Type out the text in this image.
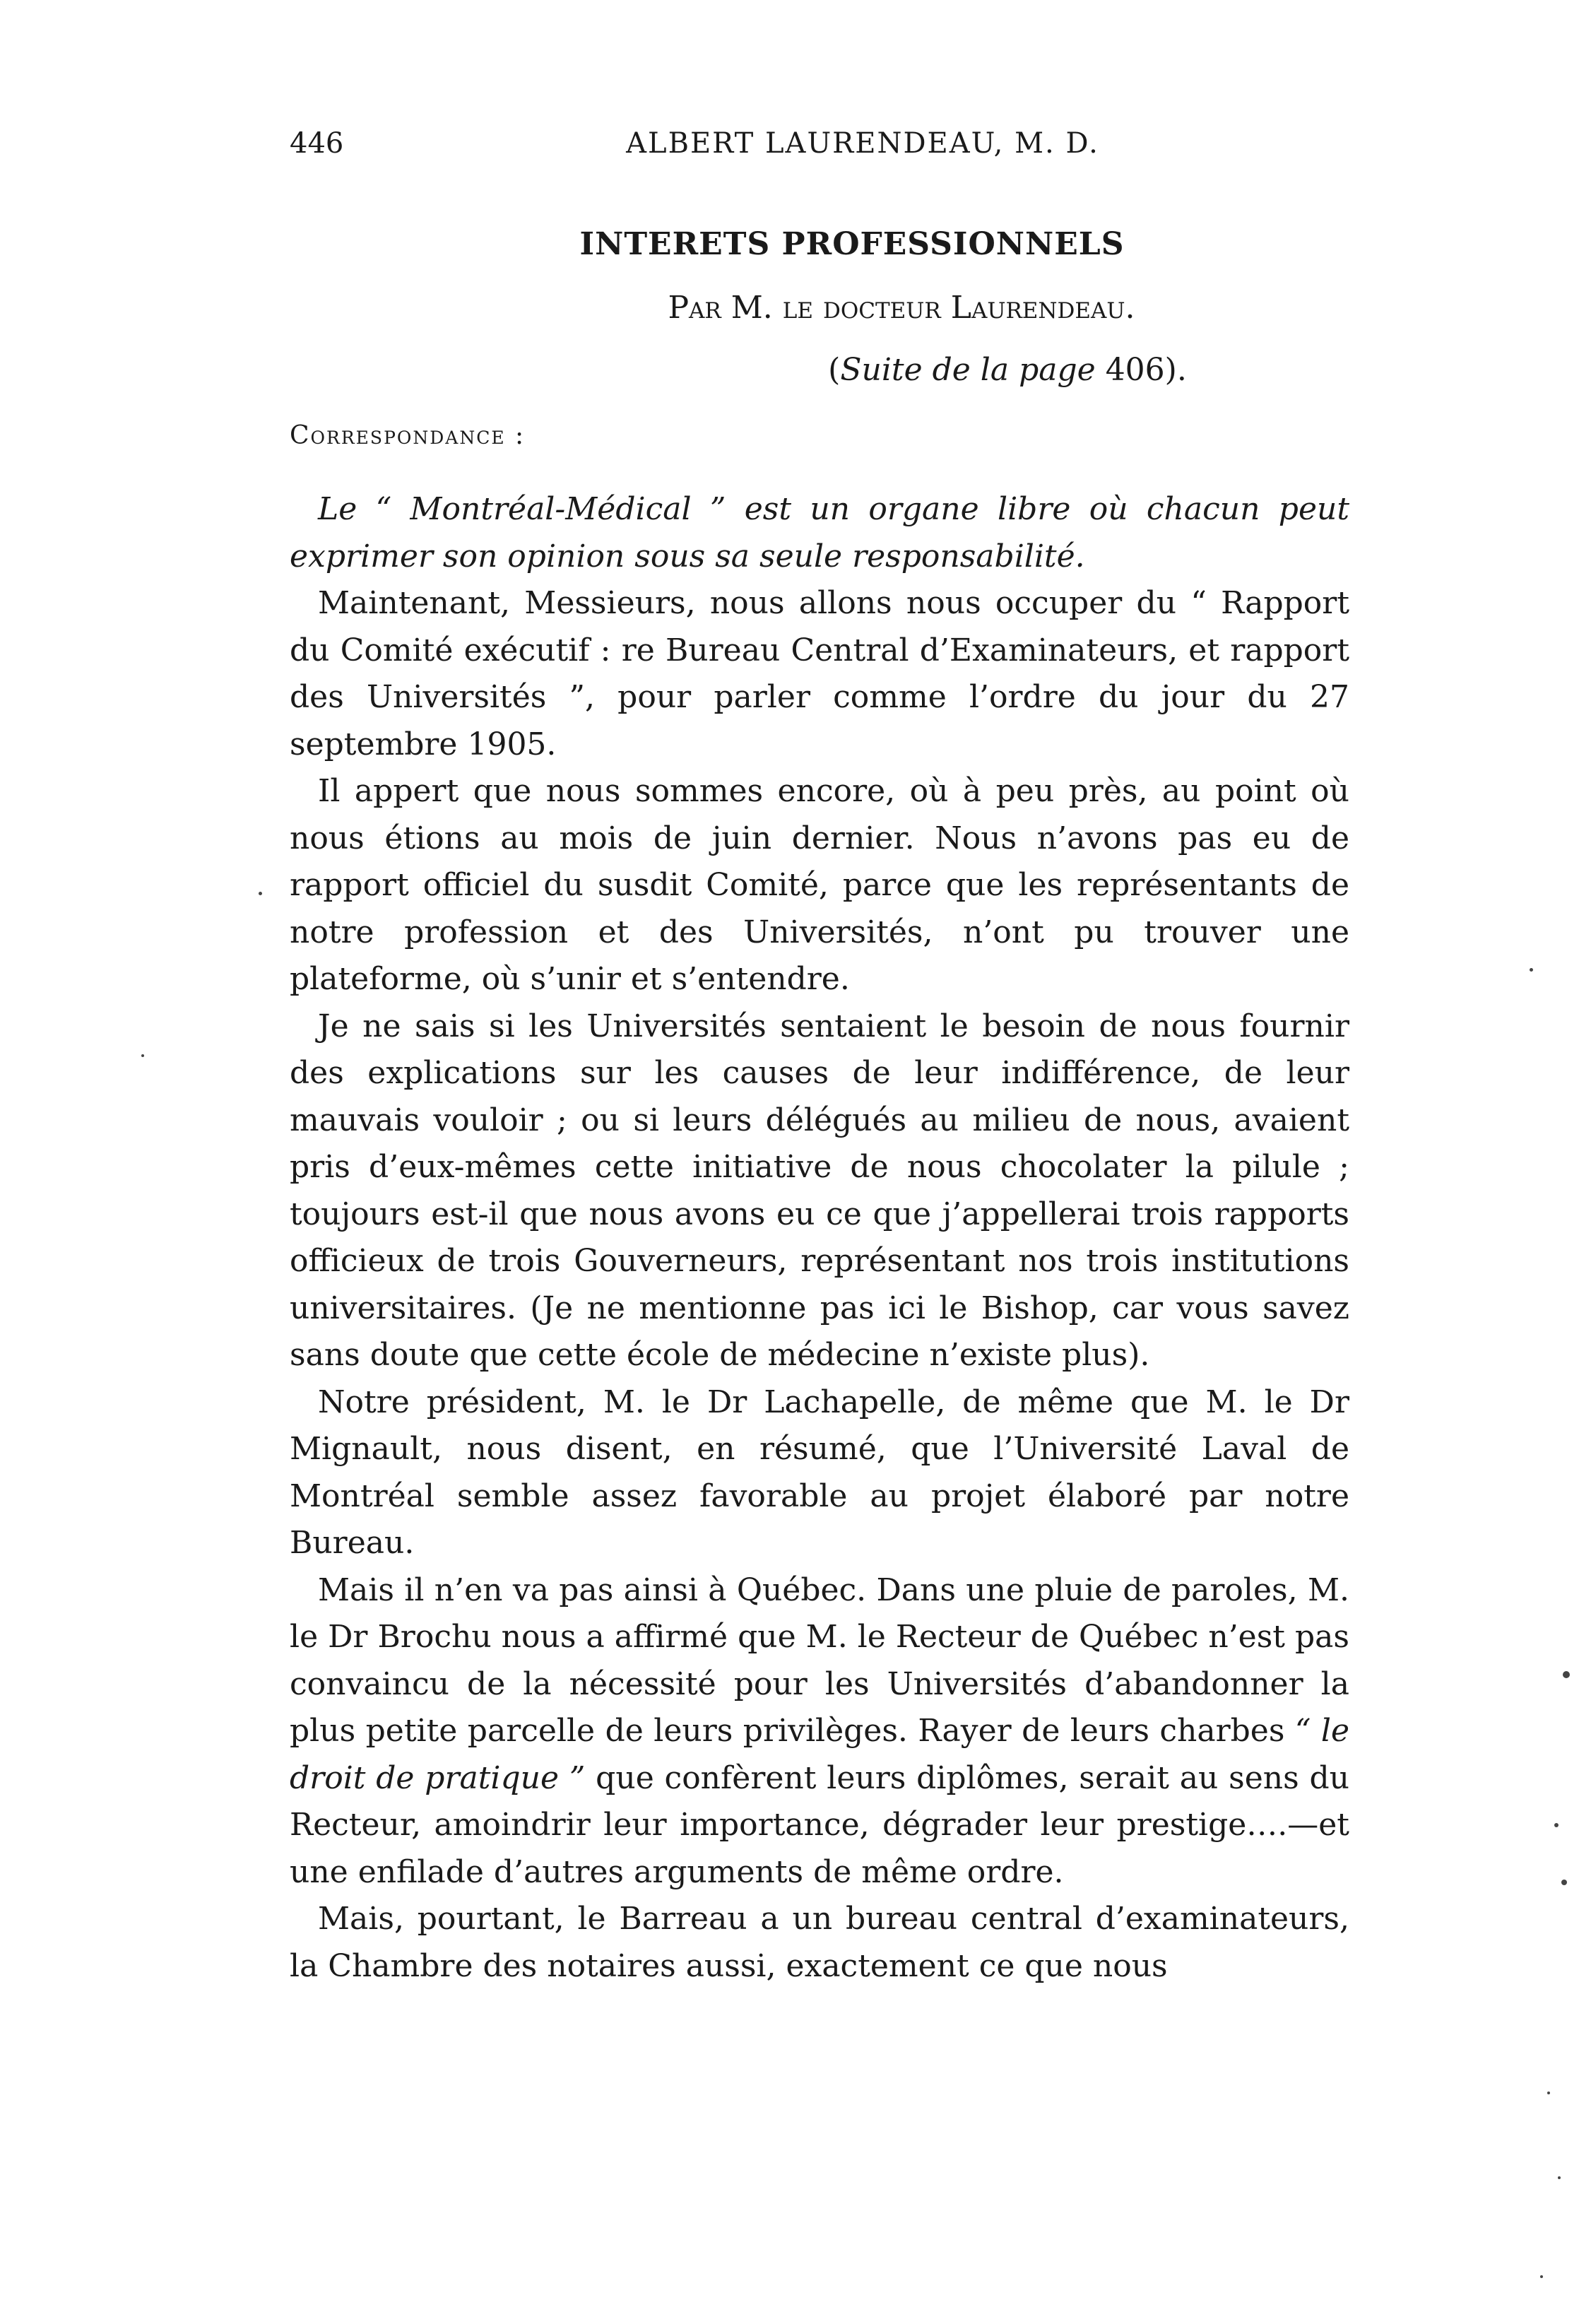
446	ALBERT LAURENDEAU, M. D.
INTERETS PROFESSIONNELS
Par M. le docteur Laurendeau.
(Suite de la page 406).
Correspondance :

Le “ Montréal-Médical ” est un organe libre où chacun peut exprimer son opinion sous sa seule responsabilité.

Maintenant, Messieurs, nous allons nous occuper du “ Rapport du Comité exécutif : re Bureau Central d’Examinateurs, et rapport des Universités ”, pour parler comme l’ordre du jour du 27 septembre 1905.

Il appert que nous sommes encore, où à peu près, au point où nous étions au mois de juin dernier. Nous n’avons pas eu de rapport officiel du susdit Comité, parce que les représentants de notre profession et des Universités, n’ont pu trouver une plateforme, où s’unir et s’entendre.

Je ne sais si les Universités sentaient le besoin de nous fournir des explications sur les causes de leur indifférence, de leur mauvais vouloir ; ou si leurs délégués au milieu de nous, avaient pris d’eux-mêmes cette initiative de nous chocolater la pilule ; toujours est-il que nous avons eu ce que j’appellerai trois rapports officieux de trois Gouverneurs, représentant nos trois institutions universitaires. (Je ne mentionne pas ici le Bishop, car vous savez sans doute que cette école de médecine n’existe plus).

Notre président, M. le Dr Lachapelle, de même que M. le Dr Mignault, nous disent, en résumé, que l’Université Laval de Montréal semble assez favorable au projet élaboré par notre Bureau.

Mais il n’en va pas ainsi à Québec. Dans une pluie de paroles, M. le Dr Brochu nous a affirmé que M. le Recteur de Québec n’est pas convaincu de la nécessité pour les Universités d’abandonner la plus petite parcelle de leurs privilèges. Rayer de leurs charbes “ le droit de pratique ” que confèrent leurs diplômes, serait au sens du Recteur, amoindrir leur importance, dégrader leur prestige….—et une enfilade d’autres arguments de même ordre.

Mais, pourtant, le Barreau a un bureau central d’examinateurs, la Chambre des notaires aussi, exactement ce que nous
